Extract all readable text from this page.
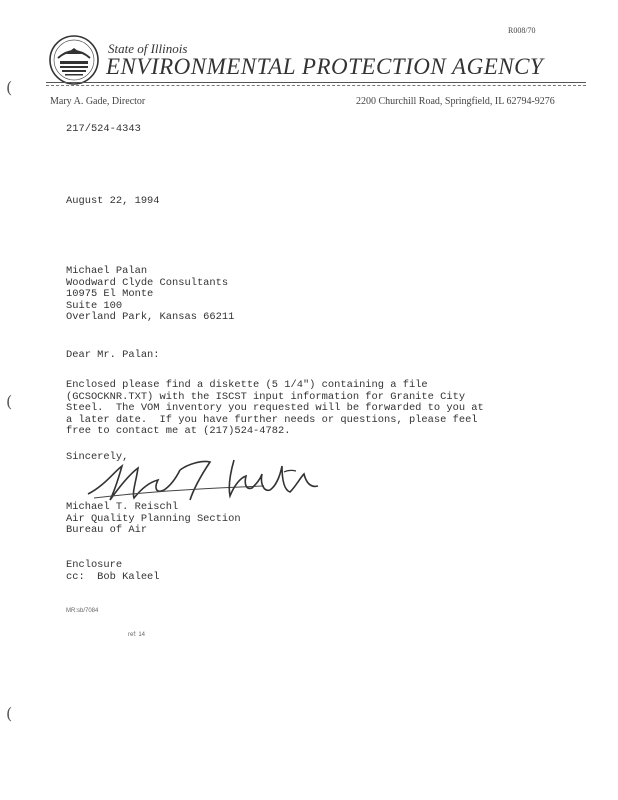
R008/70
State of Illinois
ENVIRONMENTAL PROTECTION AGENCY
Mary A. Gade, Director	2200 Churchill Road, Springfield, IL 62794-9276
217/524-4343
August 22, 1994
Michael Palan
Woodward Clyde Consultants
10975 El Monte
Suite 100
Overland Park, Kansas 66211
Dear Mr. Palan:
Enclosed please find a diskette (5 1/4") containing a file
(GCSOCKNR.TXT) with the ISCST input information for Granite City
Steel.  The VOM inventory you requested will be forwarded to you at
a later date.  If you have further needs or questions, please feel
free to contact me at (217)524-4782.
Sincerely,
Michael T. Reischl
Air Quality Planning Section
Bureau of Air
Enclosure
cc:  Bob Kaleel
MR:sb/7084
ref: 14
(
(
(
